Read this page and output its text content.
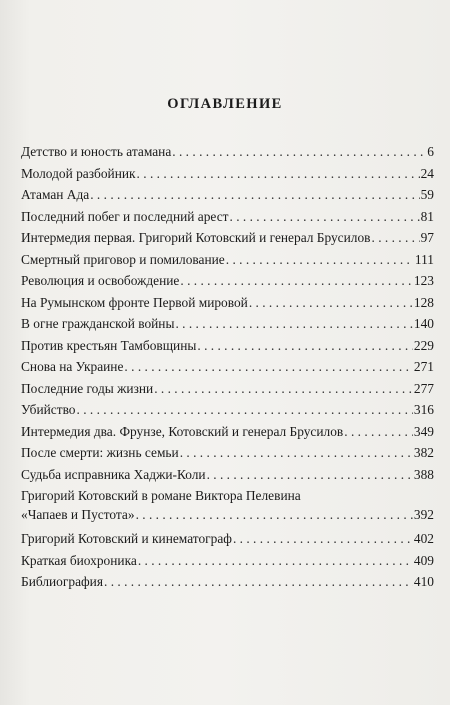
ОГЛАВЛЕНИЕ
Детство и юность атамана . . .	6
Молодой разбойник . . .	24
Атаман Ада . . .	59
Последний побег и последний арест . . .	81
Интермедия первая. Григорий Котовский и генерал Брусилов . . .	97
Смертный приговор и помилование . . .	111
Революция и освобождение . . .	123
На Румынском фронте Первой мировой . . .	128
В огне гражданской войны . . .	140
Против крестьян Тамбовщины . . .	229
Снова на Украине . . .	271
Последние годы жизни . . .	277
Убийство . . .	316
Интермедия два. Фрунзе, Котовский и генерал Брусилов . . .	349
После смерти: жизнь семьи . . .	382
Судьба исправника Хаджи-Коли . . .	388
Григорий Котовский в романе Виктора Пелевина
«Чапаев и Пустота» . . .	392
Григорий Котовский и кинематограф . . .	402
Краткая биохроника . . .	409
Библиография . . .	410
